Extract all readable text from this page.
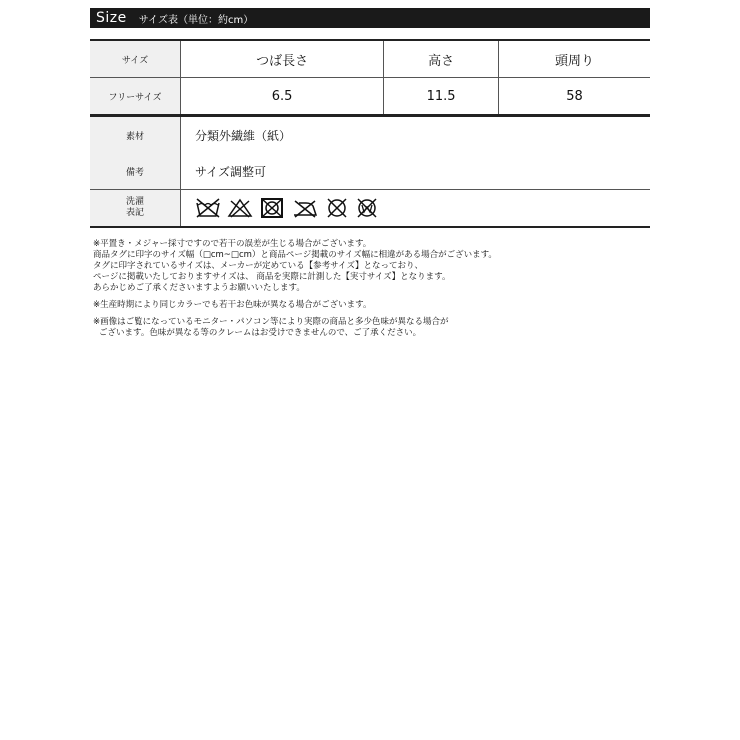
Size サイズ表（単位：約cm）
サイズ	つば長さ	高さ	頭周り
フリーサイズ	6.5	11.5	58
素材	分類外繊維（紙）
備考	サイズ調整可
洗濯
表記	

※平置き・メジャー採寸ですので若干の誤差が生じる場合がございます。

商品タグに印字のサイズ幅（□cm~□cm）と商品ページ掲載のサイズ幅に相違がある場合がございます。

タグに印字されているサイズは、メーカーが定めている【参考サイズ】となっており、

ページに掲載いたしておりますサイズは、 商品を実際に計測した【実寸サイズ】となります。

あらかじめご了承くださいますようお願いいたします。

※生産時期により同じカラーでも若干お色味が異なる場合がございます。

※画像はご覧になっているモニター・パソコン等により実際の商品と多少色味が異なる場合が

ございます。色味が異なる等のクレームはお受けできませんので、ご了承ください。
